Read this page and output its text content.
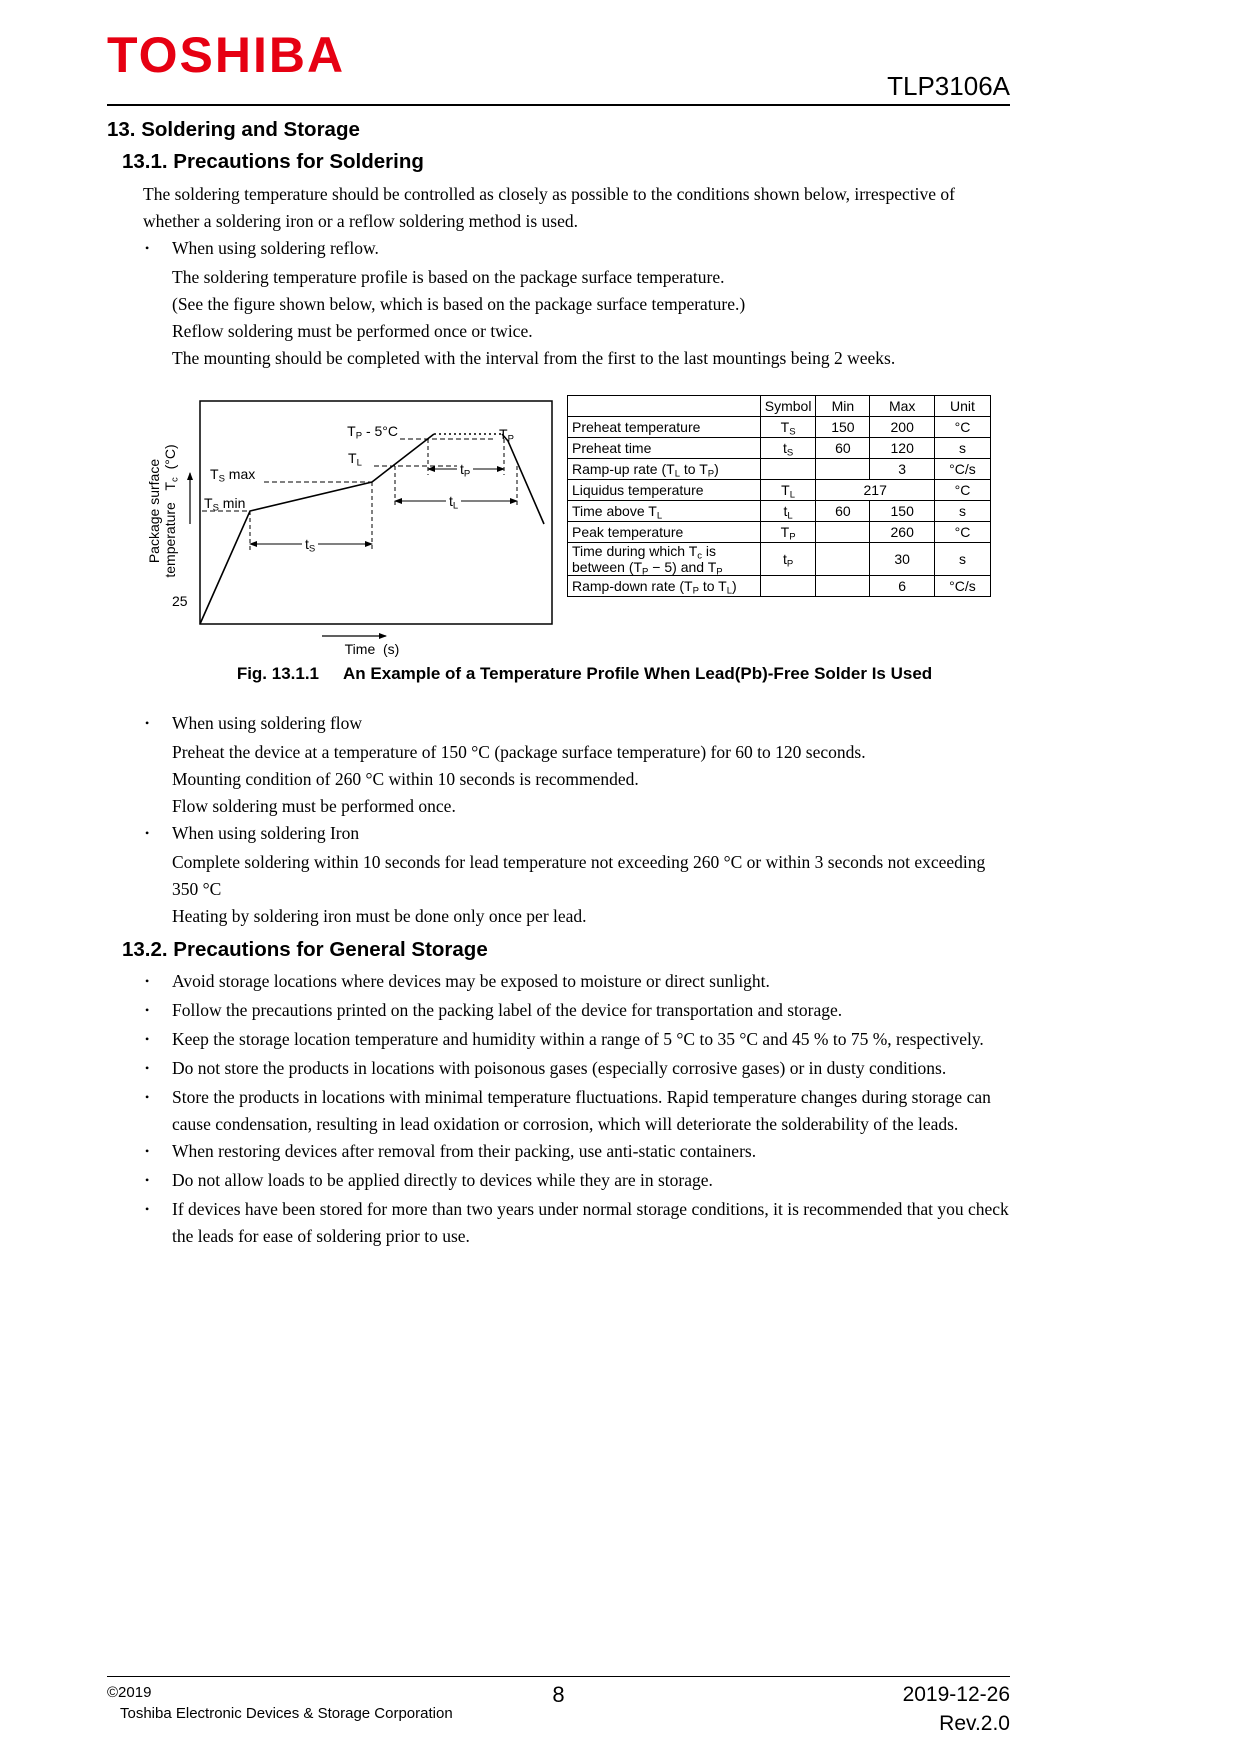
TOSHIBA
TLP3106A
13. Soldering and Storage
13.1. Precautions for Soldering

The soldering temperature should be controlled as closely as possible to the conditions shown below, irrespective of whether a soldering iron or a reflow soldering method is used.

•
When using soldering reflow.

The soldering temperature profile is based on the package surface temperature.

(See the figure shown below, which is based on the package surface temperature.)

Reflow soldering must be performed once or twice.

The mounting should be completed with the interval from the first to the last mountings being 2 weeks.

Package surface temperature   $T_c$  (°C) $T_S$ max
$T_S$ min
$T_P - 5^\circ C$
$T_L$
$T_P$
$t_S$
$t_L$
$t_P$
25
Time  (s)
	Symbol	Min	Max	Unit
Preheat temperature	$T_S$	150	200	°C
Preheat time	$t_S$	60	120	s
Ramp-up rate ($T_L$ to $T_P$)			3	°C/s
Liquidus temperature	$T_L$	217		°C
Time above $T_L$	$t_L$	60	150	s
Peak temperature	$T_P$		260	°C
Time during which $T_c$ is between $(T_P - 5)$ and $T_P$	$t_P$		30	s
Ramp-down rate ($T_P$ to $T_L$)			6	°C/s
Fig. 13.1.1 An Example of a Temperature Profile When Lead(Pb)-Free Solder Is Used
•
When using soldering flow

Preheat the device at a temperature of 150 °C (package surface temperature) for 60 to 120 seconds.

Mounting condition of 260 °C within 10 seconds is recommended.

Flow soldering must be performed once.

•
When using soldering Iron

Complete soldering within 10 seconds for lead temperature not exceeding 260 °C or within 3 seconds not exceeding 350 °C

Heating by soldering iron must be done only once per lead.

13.2. Precautions for General Storage
•
Avoid storage locations where devices may be exposed to moisture or direct sunlight.
•
Follow the precautions printed on the packing label of the device for transportation and storage.
•
Keep the storage location temperature and humidity within a range of 5 °C to 35 °C and 45 % to 75 %, respectively.
•
Do not store the products in locations with poisonous gases (especially corrosive gases) or in dusty conditions.
•
Store the products in locations with minimal temperature fluctuations. Rapid temperature changes during storage can cause condensation, resulting in lead oxidation or corrosion, which will deteriorate the solderability of the leads.
•
When restoring devices after removal from their packing, use anti-static containers.
•
Do not allow loads to be applied directly to devices while they are in storage.
•
If devices have been stored for more than two years under normal storage conditions, it is recommended that you check the leads for ease of soldering prior to use.
©2019
Toshiba Electronic Devices & Storage Corporation
8	2019-12-26
Rev.2.0
